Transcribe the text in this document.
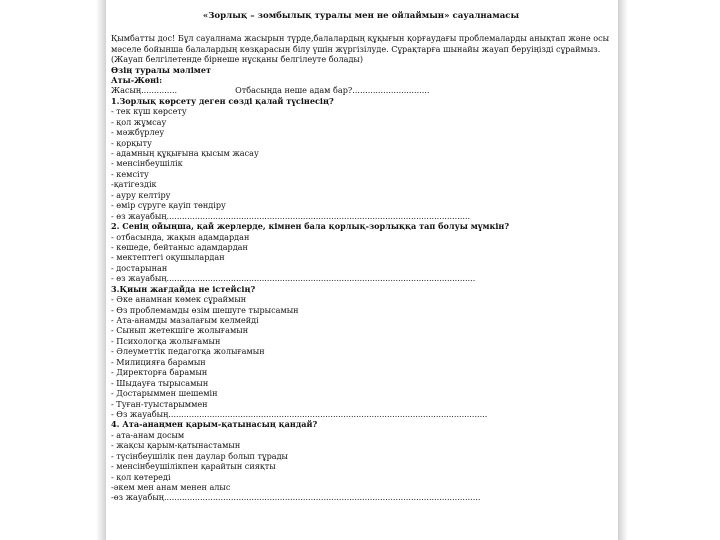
«Зорлық – зомбылық туралы мен не ойлаймын» сауалнамасы

Қымбатты дос! Бұл сауалнама жасырын түрде,балалардың құқығын қорғаудағы проблемаларды анықтап және осы мәселе бойынша балалардың көзқарасын білу үшін жүргізілуде. Сұрақтарға шынайы жауап беруіңізді сұраймыз.(Жауап белгілетенде бірнеше нұсқаны белгілеуте болады)

Өзің туралы мәлімет
Аты-Жөні:
Жасың..............	Отбасыңда неше адам бар?..............................
1.Зорлық көрсету деген сөзді қалай түсінесің?
- тек күш көрсету
- қол жұмсау
- мәжбүрлеу
- қорқыту
- адамның құқығына қысым жасау
- менсінбеушілік
- кемсіту
-қатігездік
- ауру келтіру
- өмір сүруге қауіп төндіру
- өз жауабың......................................................................................................................
2. Сенің ойыңша, қай жерлерде, кімнен бала қорлық-зорлыққа тап болуы мүмкін?
- отбасында, жақын адамдардан
- көшеде, бейтаныс адамдардан
- мектептегі оқушылардан
- достарынан
- өз жауабың........................................................................................................................
3.Қиын жағдайда не істейсің?
- Әке анамнан көмек сұраймын
- Өз проблемамды өзім шешуге тырысамын
- Ата-анамды мазалағым келмейді
- Сынып жетекшіге жолығамын
- Психологқа жолығамын
- Әлеуметтік педагогқа жолығамын
- Милицияға барамын
- Директорға барамын
- Шыдауға тырысамын
- Достарыммен шешемін
- Туған-туыстарыммен
- Өз жауабың............................................................................................................................
4. Ата-анаңмен қарым-қатынасың қандай?
- ата-анам досым
- жақсы қарым-қатынастамын
- түсінбеушілік пен даулар болып тұрады
- менсінбеушілікпен қарайтын сияқты
- қол көтереді
-әкем мен анам менен алыс
-өз жауабың...........................................................................................................................
